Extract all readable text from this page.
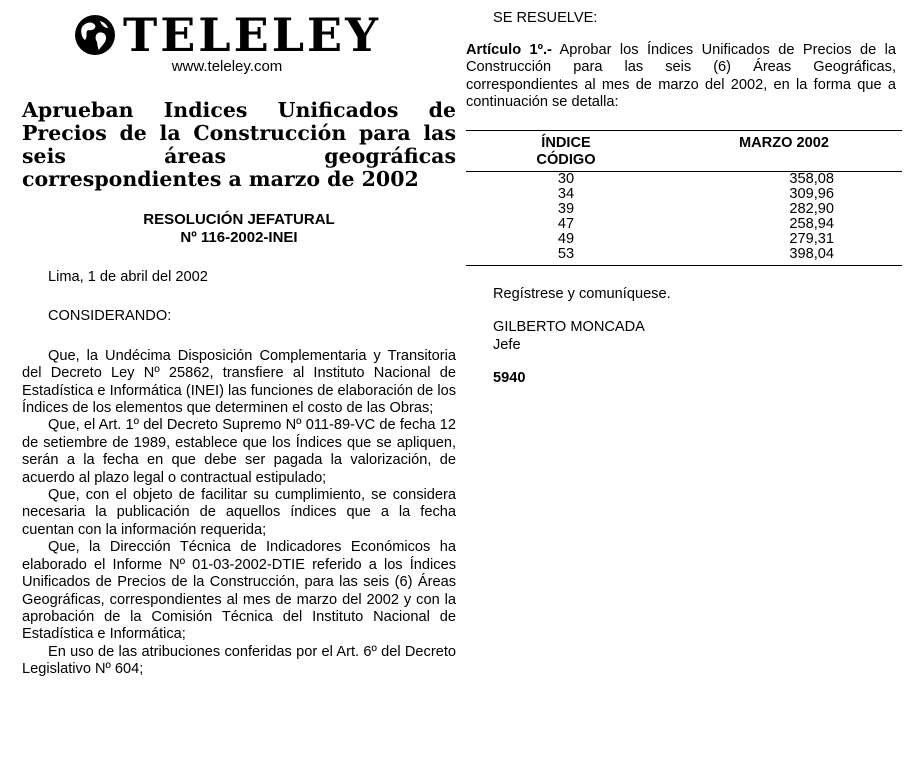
TELELEY
www.teleley.com
Aprueban Indices Unificados de Precios de la Construcción para las seis áreas geográficas correspondientes a marzo de 2002
RESOLUCIÓN JEFATURAL
Nº 116-2002-INEI
Lima, 1 de abril del 2002
CONSIDERANDO:
Que, la Undécima Disposición Complementaria y Transitoria del Decreto Ley Nº 25862, transfiere al Instituto Nacional de Estadística e Informática (INEI) las funciones de elaboración de los Índices de los elementos que determinen el costo de las Obras;
Que, el Art. 1º del Decreto Supremo Nº 011-89-VC de fecha 12 de setiembre de 1989, establece que los Índices que se apliquen, serán a la fecha en que debe ser pagada la valorización, de acuerdo al plazo legal o contractual estipulado;
Que, con el objeto de facilitar su cumplimiento, se considera necesaria la publicación de aquellos índices que a la fecha cuentan con la información requerida;
Que, la Dirección Técnica de Indicadores Económicos ha elaborado el Informe Nº 01-03-2002-DTIE referido a los Índices Unificados de Precios de la Construcción, para las seis (6) Áreas Geográficas, correspondientes al mes de marzo del 2002 y con la aprobación de la Comisión Técnica del Instituto Nacional de Estadística e Informática;
En uso de las atribuciones conferidas por el Art. 6º del Decreto Legislativo Nº 604;
SE RESUELVE:
Artículo 1º.- Aprobar los Índices Unificados de Precios de la Construcción para las seis (6) Áreas Geográficas, correspondientes al mes de marzo del 2002, en la forma que a continuación se detalla:
ÍNDICE
CÓDIGO	MARZO 2002
30	358,08
34	309,96
39	282,90
47	258,94
49	279,31
53	398,04
Regístrese y comuníquese.
GILBERTO MONCADA
Jefe
5940
